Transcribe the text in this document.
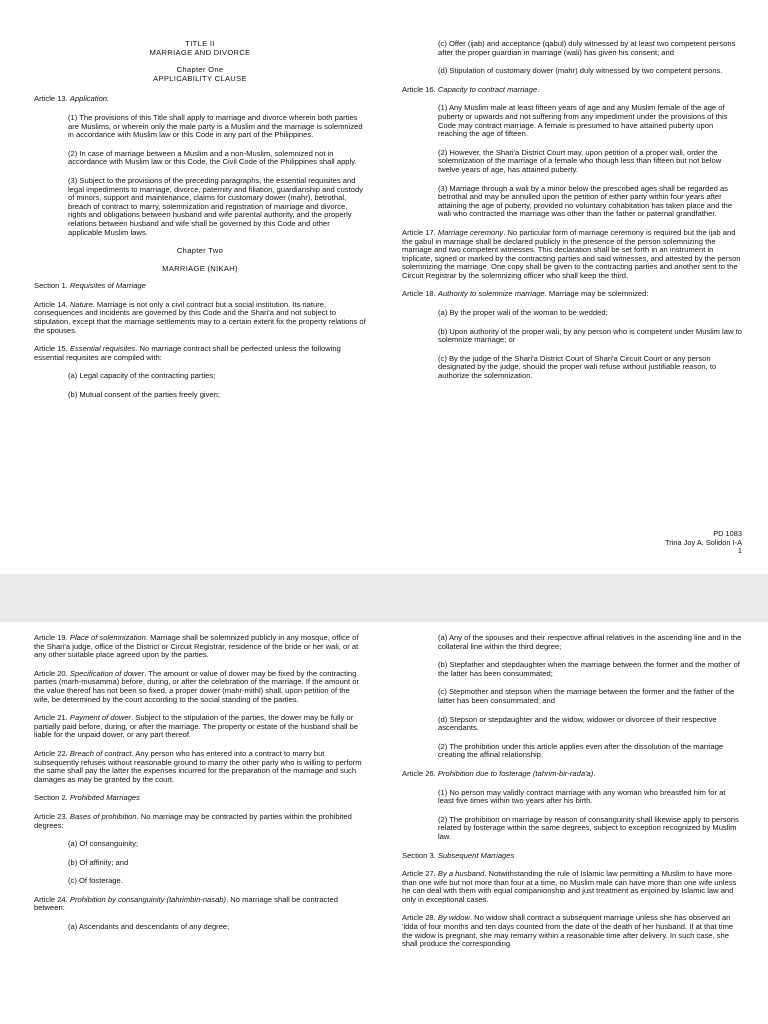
TITLE II

MARRIAGE AND DIVORCE

Chapter One

APPLICABILITY CLAUSE

Article 13. Application.

(1) The provisions of this Title shall apply to marriage and divorce wherein both parties are Muslims, or wherein only the male party is a Muslim and the marriage is solemnized in accordance with Muslim law or this Code in any part of the Philippines.

(2) In case of marriage between a Muslim and a non-Muslim, solemnized not in accordance with Muslim law or this Code, the Civil Code of the Philippines shall apply.

(3) Subject to the provisions of the preceding paragraphs, the essential requisites and legal impediments to marriage, divorce, paternity and filiation, guardianship and custody of minors, support and maintenance, claims for customary dower (mahr), betrothal, breach of contract to marry, solemnization and registration of marriage and divorce, rights and obligations between husband and wife parental authority, and the properly relations between husband and wife shall be governed by this Code and other applicable Muslim laws.

Chapter Two

MARRIAGE (NIKAH)

Section 1. Requisites of Marriage

Article 14. Nature. Marriage is not only a civil contract but a social institution. Its nature, consequences and incidents are governed by this Code and the Shari'a and not subject to stipulation, except that the marriage settlements may to a certain extent fix the property relations of the spouses.

Article 15. Essential requisites. No marriage contract shall be perfected unless the following essential requisites are compiled with:

(a) Legal capacity of the contracting parties;

(b) Mutual consent of the parties freely given;

(c) Offer (ijab) and acceptance (qabul) duly witnessed by at least two competent persons after the proper guardian in marriage (wali) has given his consent; and

(d) Stipulation of customary dower (mahr) duly witnessed by two competent persons.

Article 16. Capacity to contract marriage.

(1) Any Muslim male at least fifteen years of age and any Muslim female of the age of puberty or upwards and not suffering from any impediment under the provisions of this Code may contract marriage. A female is presumed to have attained puberty upon reaching the age of fifteen.

(2) However, the Shari'a District Court may, upon petition of a proper wali, order the solemnization of the marriage of a female who though less than fifteen but not below twelve years of age, has attained puberty.

(3) Marriage through a wali by a minor below the prescribed ages shall be regarded as betrothal and may be annulled upon the petition of either party within four years after attaining the age of puberty, provided no voluntary cohabitation has taken place and the wali who contracted the marriage was other than the father or paternal grandfather.

Article 17. Marriage ceremony. No particular form of marriage ceremony is required but the ijab and the gabul in marriage shall be declared publicly in the presence of the person solemnizing the marriage and two competent witnesses. This declaration shall be set forth in an instrument in triplicate, signed or marked by the contracting parties and said witnesses, and attested by the person solemnizing the marriage. One copy shall be given to the contracting parties and another sent to the Circuit Registrar by the solemnizing officer who shall keep the third.

Article 18. Authority to solemnize marriage. Marriage may be solemnized:

(a) By the proper wali of the woman to be wedded;

(b) Upon authority of the proper wali, by any person who is competent under Muslim law to solemnize marriage; or

(c) By the judge of the Shari'a District Court of Shari'a Circuit Court or any person designated by the judge, should the proper wali refuse without justifiable reason, to authorize the solemnization.

PD 1083

Trina Joy A. Solidon I-A

1

Article 19. Place of solemnization. Marriage shall be solemnized publicly in any mosque, office of the Shari'a judge, office of the District or Circuit Registrar, residence of the bride or her wali, or at any other suitable place agreed upon by the parties.

Article 20. Specification of dower. The amount or value of dower may be fixed by the contracting parties (marh-musamma) before, during, or after the celebration of the marriage. If the amount or the value thereof has not been so fixed, a proper dower (mahr-mithl) shall, upon petition of the wife, be determined by the court according to the social standing of the parties.

Article 21. Payment of dower. Subject to the stipulation of the parties, the dower may be fully or partially paid before, during, or after the marriage. The property or estate of the husband shall be liable for the unpaid dower, or any part thereof.

Article 22. Breach of contract. Any person who has entered into a contract to marry but subsequently refuses without reasonable ground to marry the other party who is willing to perform the same shall pay the latter the expenses incurred for the preparation of the marriage and such damages as may be granted by the court.

Section 2. Prohibited Marriages

Article 23. Bases of prohibition. No marriage may be contracted by parties within the prohibited degrees:

(a) Of consanguinity;

(b) Of affinity; and

(c) Of fosterage.

Article 24. Prohibition by consanguinity (tahrimbin-nasab). No marriage shall be contracted between:

(a) Ascendants and descendants of any degree;

(a) Any of the spouses and their respective affinal relatives in the ascending line and in the collateral line within the third degree;

(b) Stepfather and stepdaughter when the marriage between the former and the mother of the latter has been consummated;

(c) Stepmother and stepson when the marriage between the former and the father of the latter has been consummated; and

(d) Stepson or stepdaughter and the widow, widower or divorcee of their respective ascendants.

(2) The prohibition under this article applies even after the dissolution of the marriage creating the affinal relationship.

Article 26. Prohibition due to fosterage (tahrim-bir-rada'a).

(1) No person may validly contract marriage with any woman who breastfed him for at least five times within two years after his birth.

(2) The prohibition on marriage by reason of consanguinity shall likewise apply to persons related by fosterage within the same degrees, subject to exception recognized by Muslim law.

Section 3. Subsequent Marriages

Article 27. By a husband. Notwithstanding the rule of Islamic law permitting a Muslim to have more than one wife but not more than four at a time, no Muslim male can have more than one wife unless he can deal with them with equal companionship and just treatment as enjoined by Islamic law and only in exceptional cases.

Article 28. By widow. No widow shall contract a subsequent marriage unless she has observed an 'idda of four months and ten days counted from the date of the death of her husband. If at that time the widow is pregnant, she may remarry within a reasonable time after delivery. In such case, she shall produce the corresponding
